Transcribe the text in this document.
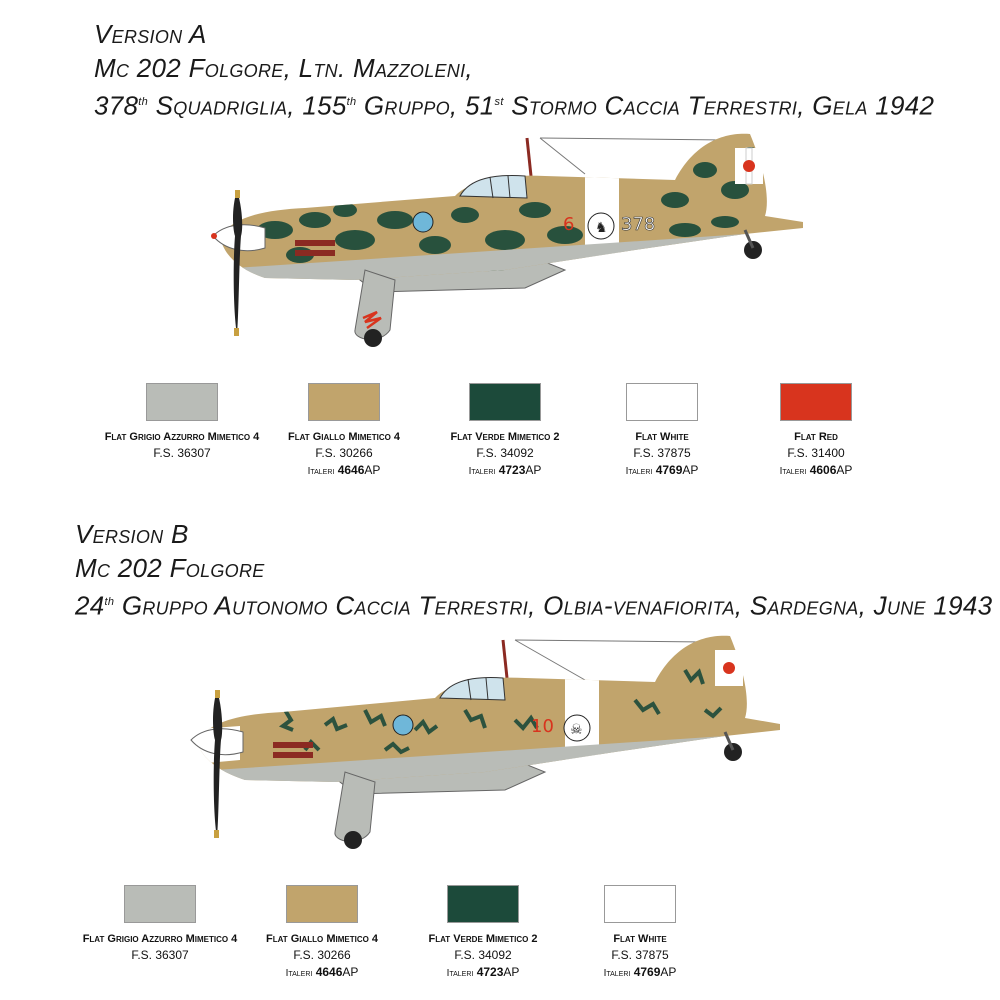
Version A
Mc 202 Folgore, Ltn. Mazzoleni,
378th Squadriglia, 155th Gruppo, 51st Stormo Caccia Terrestri, Gela 1942
6 ♞ 378
Flat Grigio Azzurro Mimetico 4
F.S. 36307
Flat Giallo Mimetico 4
F.S. 30266
Italeri 4646AP
Flat Verde Mimetico 2
F.S. 34092
Italeri 4723AP
Flat White
F.S. 37875
Italeri 4769AP
Flat Red
F.S. 31400
Italeri 4606AP
Version B
Mc 202 Folgore
24th Gruppo Autonomo Caccia Terrestri, Olbia-venafiorita, Sardegna, June 1943
10 ☠
Flat Grigio Azzurro Mimetico 4
F.S. 36307
Flat Giallo Mimetico 4
F.S. 30266
Italeri 4646AP
Flat Verde Mimetico 2
F.S. 34092
Italeri 4723AP
Flat White
F.S. 37875
Italeri 4769AP
